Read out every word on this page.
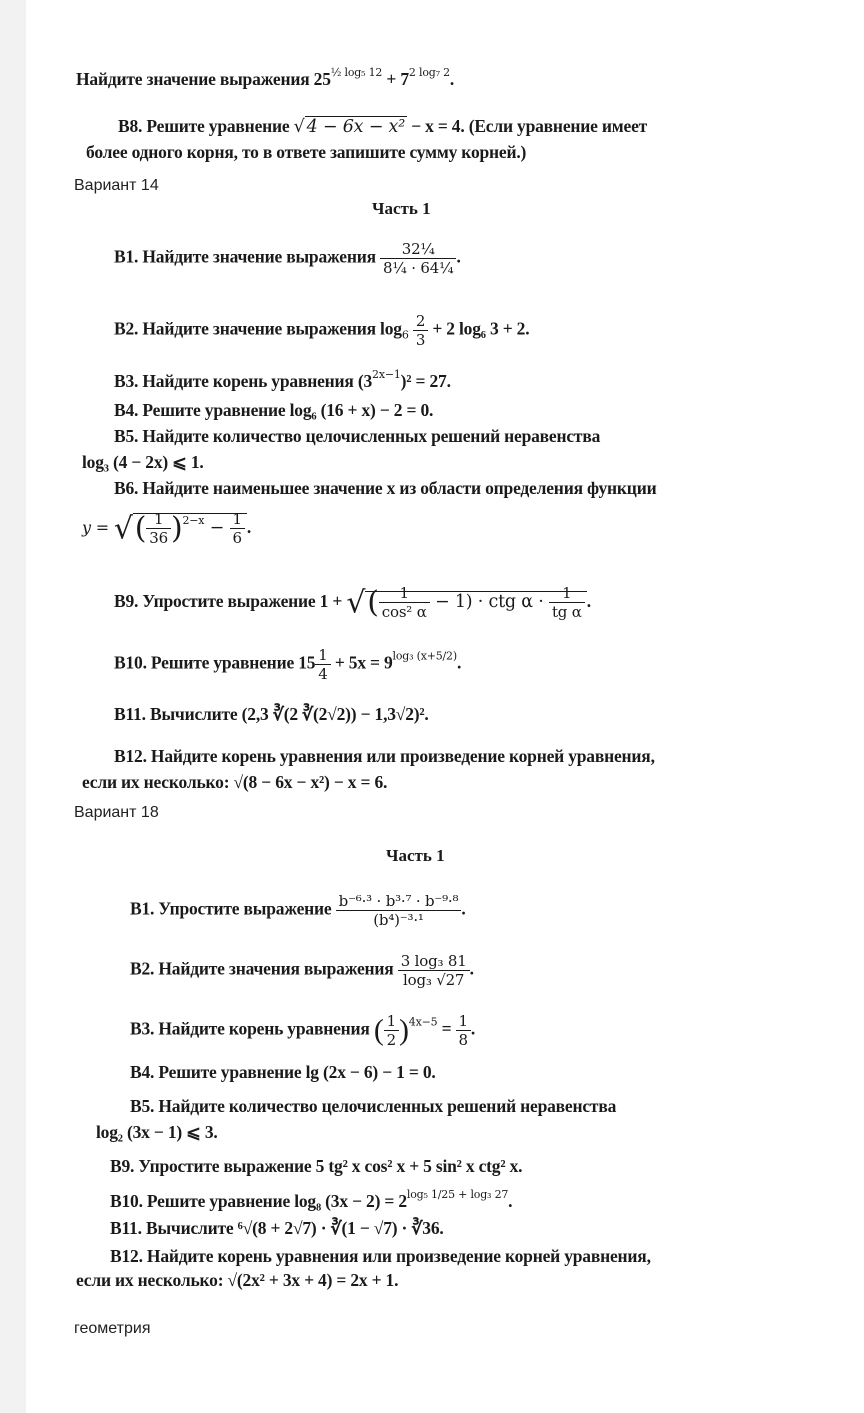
Найдите значение выражения $25^{\frac{1}{2} log_5 12} + 7^{2 log_7 2}$.
B8. Решите уравнение √ 4 − 6x − x² − x = 4. (Если уравнение имеет
более одного корня, то в ответе запишите сумму корней.)
Вариант 14
Часть 1
B1. Найдите значение выражения $\frac{\text{32¼}}{\text{8¼ · 64¼}}$ .
B2. Найдите значение выражения $\log_6 \frac{2}{3} + 2$ log₆ 3 + 2.
B3. Найдите корень уравнения $(3^{2x-1})^2 = 27$.
B4. Решите уравнение log₆ (16 + x) − 2 = 0.
B5. Найдите количество целочисленных решений неравенства
log₃ (4 − 2x) ⩽ 1.
B6. Найдите наименьшее значение x из области определения функции
y = √( $\frac{1}{36} )^{2-x} - \frac{1}{6}$ .
B9. Упростите выражение 1 + √( $\frac{1}{\text{cos² α}} - 1$) · ctg $\alpha \cdot \frac{1}{\text{tg α}}$ .
B10. Решите уравнение $15 \frac{1}{4} + 5x = 9^{log_3 (x+5/2)}$.
B11. Вычислите (2,3 ∛(2 ∛(2√2)) − 1,3√2)².
B12. Найдите корень уравнения или произведение корней уравнения,
если их несколько: √(8 − 6x − x²) − x = 6.
Вариант 18
Часть 1
B1. Упростите выражение $\frac{\text{b⁻⁶·³ · b³·⁷ · b⁻⁹·⁸}}{\text{(b⁴)⁻³·¹}}$ .
B2. Найдите значения выражения $\frac{\text{3 log₃ 81}}{\text{log₃ √27}}$ .
B3. Найдите корень уравнения ( $\frac{1}{2} )^{4x-5} = \frac{1}{8}$ .
B4. Решите уравнение lg (2x − 6) − 1 = 0.
B5. Найдите количество целочисленных решений неравенства
log₂ (3x − 1) ⩽ 3.
B9. Упростите выражение 5 tg² x cos² x + 5 sin² x ctg² x.
B10. Решите уравнение log₈ $(3x - 2) = 2^{log_5 1/25 + log_3 27}$.
B11. Вычислите ⁶√(8 + 2√7) · ∛(1 − √7) · ∛36.
B12. Найдите корень уравнения или произведение корней уравнения,
если их несколько: √(2x² + 3x + 4) = 2x + 1.
геометрия
